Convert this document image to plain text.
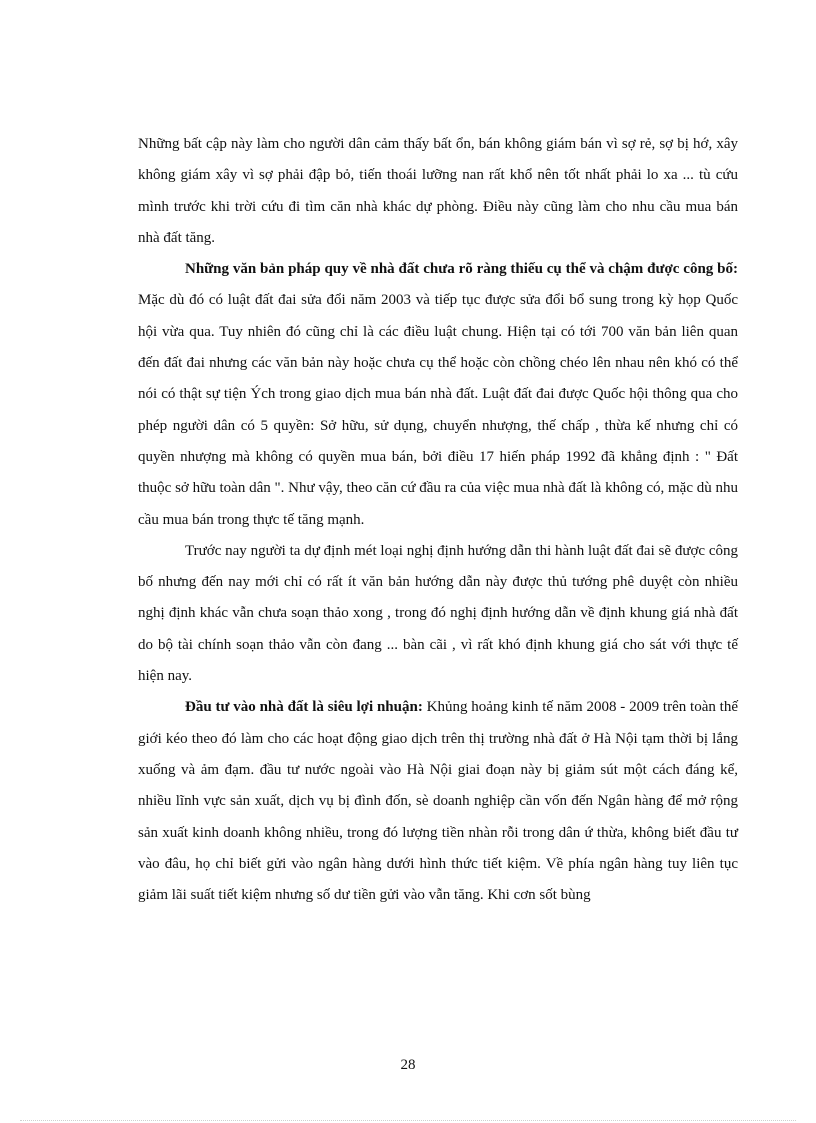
Những bất cập này làm cho người dân cảm thấy bất ổn, bán không giám bán vì sợ rẻ, sợ bị hớ, xây không giám xây vì sợ phải đập bỏ, tiến thoái lưỡng nan rất khổ nên tốt nhất phải lo xa ... tù cứu mình trước khi trời cứu đi tìm căn nhà khác dự phòng. Điều này cũng làm cho nhu cầu mua bán nhà đất tăng.

Những văn bản pháp quy về nhà đất chưa rõ ràng thiếu cụ thể và chậm được công bố: Mặc dù đó có luật đất đai sửa đổi năm 2003 và tiếp tục được sửa đổi bổ sung trong kỳ họp Quốc hội vừa qua. Tuy nhiên đó cũng chỉ là các điều luật chung. Hiện tại có tới 700 văn bản liên quan đến đất đai nhưng các văn bản này hoặc chưa cụ thể hoặc còn chồng chéo lên nhau nên khó có thể nói có thật sự tiện Ých trong giao dịch mua bán nhà đất. Luật đất đai được Quốc hội thông qua cho phép người dân có 5 quyền: Sở hữu, sử dụng, chuyển nhượng, thế chấp , thừa kế nhưng chỉ có quyền nhượng mà không có quyền mua bán, bởi điều 17 hiến pháp 1992 đã khẳng định : " Đất thuộc sở hữu toàn dân ". Như vậy, theo căn cứ đầu ra của việc mua nhà đất là không có, mặc dù nhu cầu mua bán trong thực tế tăng mạnh.

Trước nay người ta dự định mét loại nghị định hướng dẫn thi hành luật đất đai sẽ được công bố nhưng đến nay mới chỉ có rất ít văn bản hướng dẫn này được thủ tướng phê duyệt còn nhiều nghị định khác vẫn chưa soạn thảo xong , trong đó nghị định hướng dẫn về định khung giá nhà đất do bộ tài chính soạn thảo vẫn còn đang ... bàn cãi , vì rất khó định khung giá cho sát với thực tế hiện nay.

Đầu tư vào nhà đất là siêu lợi nhuận: Khủng hoảng kinh tế năm 2008 - 2009 trên toàn thế giới kéo theo đó làm cho các hoạt động giao dịch trên thị trường nhà đất ở Hà Nội tạm thời bị lắng xuống và ảm đạm. đầu tư nước ngoài vào Hà Nội giai đoạn này bị giảm sút một cách đáng kể, nhiều lĩnh vực sản xuất, dịch vụ bị đình đốn, sè doanh nghiệp cần vốn đến Ngân hàng để mở rộng sản xuất kinh doanh không nhiều, trong đó lượng tiền nhàn rỗi trong dân ứ thừa, không biết đầu tư vào đâu, họ chỉ biết gửi vào ngân hàng dưới hình thức tiết kiệm. Về phía ngân hàng tuy liên tục giảm lãi suất tiết kiệm nhưng số dư tiền gửi vào vẫn tăng. Khi cơn sốt bùng

28
